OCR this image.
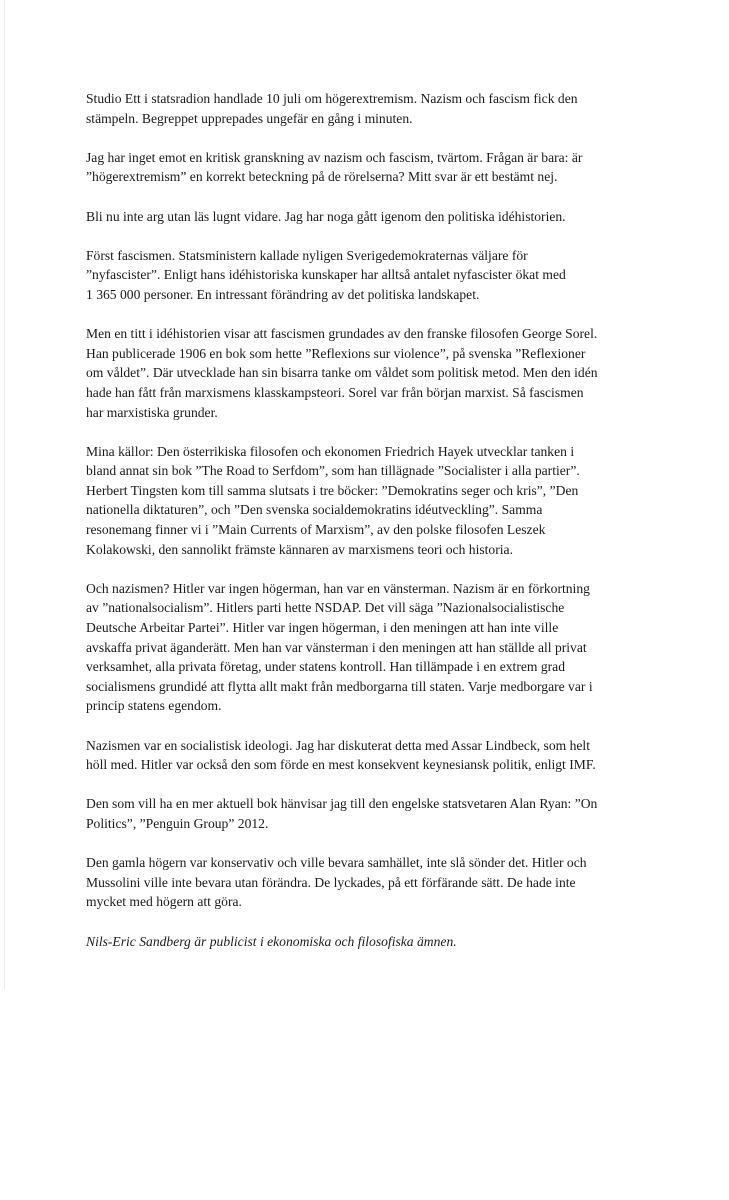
Studio Ett i statsradion handlade 10 juli om högerextremism. Nazism och fascism fick den
stämpeln. Begreppet upprepades ungefär en gång i minuten.

Jag har inget emot en kritisk granskning av nazism och fascism, tvärtom. Frågan är bara: är
”högerextremism” en korrekt beteckning på de rörelserna? Mitt svar är ett bestämt nej.

Bli nu inte arg utan läs lugnt vidare. Jag har noga gått igenom den politiska idéhistorien.

Först fascismen. Statsministern kallade nyligen Sverigedemokraternas väljare för
”nyfascister”. Enligt hans idéhistoriska kunskaper har alltså antalet nyfascister ökat med
1 365 000 personer. En intressant förändring av det politiska landskapet.

Men en titt i idéhistorien visar att fascismen grundades av den franske filosofen George Sorel.
Han publicerade 1906 en bok som hette ”Reflexions sur violence”, på svenska ”Reflexioner
om våldet”. Där utvecklade han sin bisarra tanke om våldet som politisk metod. Men den idén
hade han fått från marxismens klasskampsteori. Sorel var från början marxist. Så fascismen
har marxistiska grunder.

Mina källor: Den österrikiska filosofen och ekonomen Friedrich Hayek utvecklar tanken i
bland annat sin bok ”The Road to Serfdom”, som han tillägnade ”Socialister i alla partier”.
Herbert Tingsten kom till samma slutsats i tre böcker: ”Demokratins seger och kris”, ”Den
nationella diktaturen”, och ”Den svenska socialdemokratins idéutveckling”. Samma
resonemang finner vi i ”Main Currents of Marxism”, av den polske filosofen Leszek
Kolakowski, den sannolikt främste kännaren av marxismens teori och historia.

Och nazismen? Hitler var ingen högerman, han var en vänsterman. Nazism är en förkortning
av ”nationalsocialism”. Hitlers parti hette NSDAP. Det vill säga ”Nazionalsocialistische
Deutsche Arbeitar Partei”. Hitler var ingen högerman, i den meningen att han inte ville
avskaffa privat äganderätt. Men han var vänsterman i den meningen att han ställde all privat
verksamhet, alla privata företag, under statens kontroll. Han tillämpade i en extrem grad
socialismens grundidé att flytta allt makt från medborgarna till staten. Varje medborgare var i
princip statens egendom.

Nazismen var en socialistisk ideologi. Jag har diskuterat detta med Assar Lindbeck, som helt
höll med. Hitler var också den som förde en mest konsekvent keynesiansk politik, enligt IMF.

Den som vill ha en mer aktuell bok hänvisar jag till den engelske statsvetaren Alan Ryan: ”On
Politics”, ”Penguin Group” 2012.

Den gamla högern var konservativ och ville bevara samhället, inte slå sönder det. Hitler och
Mussolini ville inte bevara utan förändra. De lyckades, på ett förfärande sätt. De hade inte
mycket med högern att göra.

Nils-Eric Sandberg är publicist i ekonomiska och filosofiska ämnen.
